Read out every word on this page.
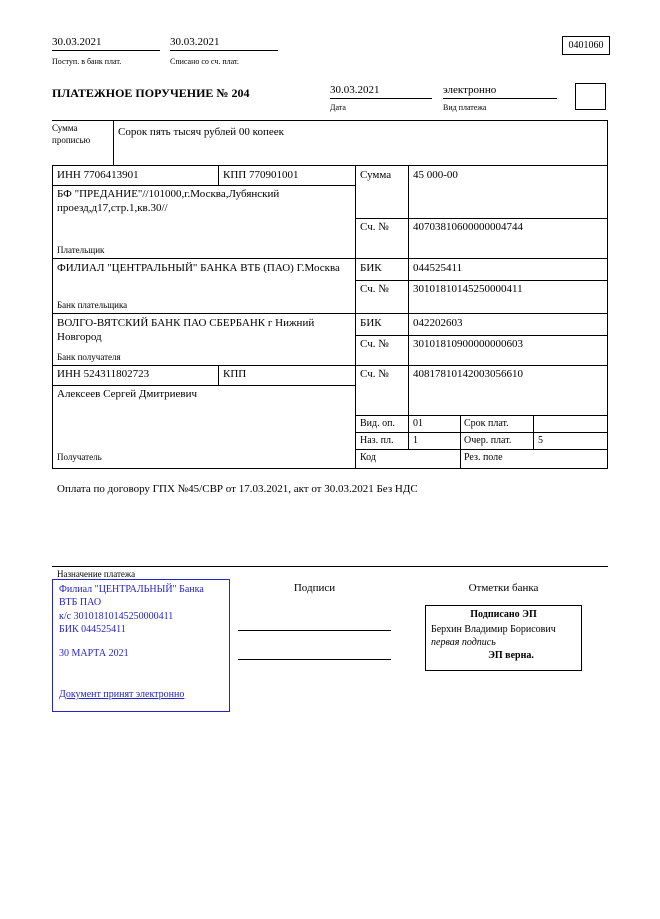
30.03.2021
Поступ. в банк плат.
30.03.2021
Списано со сч. плат.
0401060
ПЛАТЕЖНОЕ ПОРУЧЕНИЕ № 204	30.03.2021
Дата
электронно
Вид платежа
Сумма прописью
Сорок пять тысяч рублей 00 копеек
ИНН 7706413901	КПП 770901001	Сумма 45 000-00
БФ "ПРЕДАНИЕ"//101000,г.Москва,Лубянский проезд,д17,стр.1,кв.30//
Сч. № 40703810600000004744
Плательщик
ФИЛИАЛ "ЦЕНТРАЛЬНЫЙ" БАНКА ВТБ (ПАО) Г.Москва	БИК	044525411
Сч. № 30101810145250000411
Банк плательщика
ВОЛГО-ВЯТСКИЙ БАНК ПАО СБЕРБАНК г Нижний Новгород
БИК	042202603
Сч. № 30101810900000000603
Банк получателя
ИНН 524311802723	КПП	Сч. № 40817810142003056610
Алексеев Сергей Дмитриевич
Получатель
Вид. оп. 01	Срок плат.
Наз. пл. 1	Очер. плат.	5
Код	Рез. поле
Оплата по договору ГПХ №45/СВР от 17.03.2021, акт от 30.03.2021 Без НДС
Назначение платежа
Филиал "ЦЕНТРАЛЬНЫЙ" Банка
ВТБ ПАО
к/с 30101810145250000411
БИК 044525411
30 МАРТА 2021
Документ принят электронно
Подписи	Отметки банка
Подписано ЭП
Берхин Владимир Борисович
первая подпись
ЭП верна.
